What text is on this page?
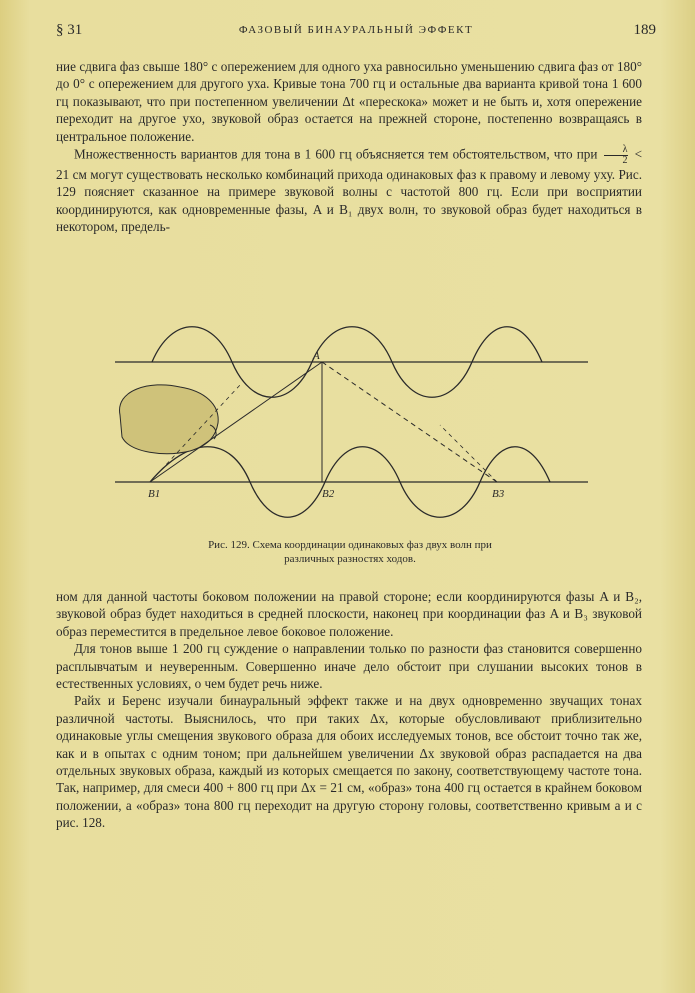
§ 31	ФАЗОВЫЙ БИНАУРАЛЬНЫЙ ЭФФЕКТ	189

ние сдвига фаз свыше 180° с опережением для одного уха равносильно уменьшению сдвига фаз от 180° до 0° с опережением для другого уха. Кривые тона 700 гц и остальные два варианта кривой тона 1 600 гц показывают, что при постепенном увеличении Δt «перескока» может и не быть и, хотя опережение переходит на другое ухо, звуковой образ остается на прежней стороне, постепенно возвращаясь в центральное положение.

Множественность вариантов для тона в 1 600 гц объясняется тем обстоятельством, что при $\frac{\lambda}{2} < 21$ см могут существовать несколько комбинаций прихода одинаковых фаз к правому и левому уху. Рис. 129 поясняет сказанное на примере звуковой волны с частотой 800 гц. Если при восприятии координируются, как одновременные фазы, A и B₁ двух волн, то звуковой образ будет находиться в некотором, предель-

A
B1	B2	B3
Рис. 129. Схема координации одинаковых фаз двух волн при
различных разностях ходов.

ном для данной частоты боковом положении на правой стороне; если координируются фазы A и B₂, звуковой образ будет находиться в средней плоскости, наконец при координации фаз A и B₃ звуковой образ переместится в предельное левое боковое положение.

Для тонов выше 1 200 гц суждение о направлении только по разности фаз становится совершенно расплывчатым и неуверенным. Совершенно иначе дело обстоит при слушании высоких тонов в естественных условиях, о чем будет речь ниже.

Райх и Беренс изучали бинауральный эффект также и на двух одновременно звучащих тонах различной частоты. Выяснилось, что при таких Δx, которые обусловливают приблизительно одинаковые углы смещения звукового образа для обоих исследуемых тонов, все обстоит точно так же, как и в опытах с одним тоном; при дальнейшем увеличении Δx звуковой образ распадается на два отдельных звуковых образа, каждый из которых смещается по закону, соответствующему частоте тона. Так, например, для смеси 400 + 800 гц при Δx = 21 см, «образ» тона 400 гц остается в крайнем боковом положении, а «образ» тона 800 гц переходит на другую сторону головы, соответственно кривым a и c рис. 128.
